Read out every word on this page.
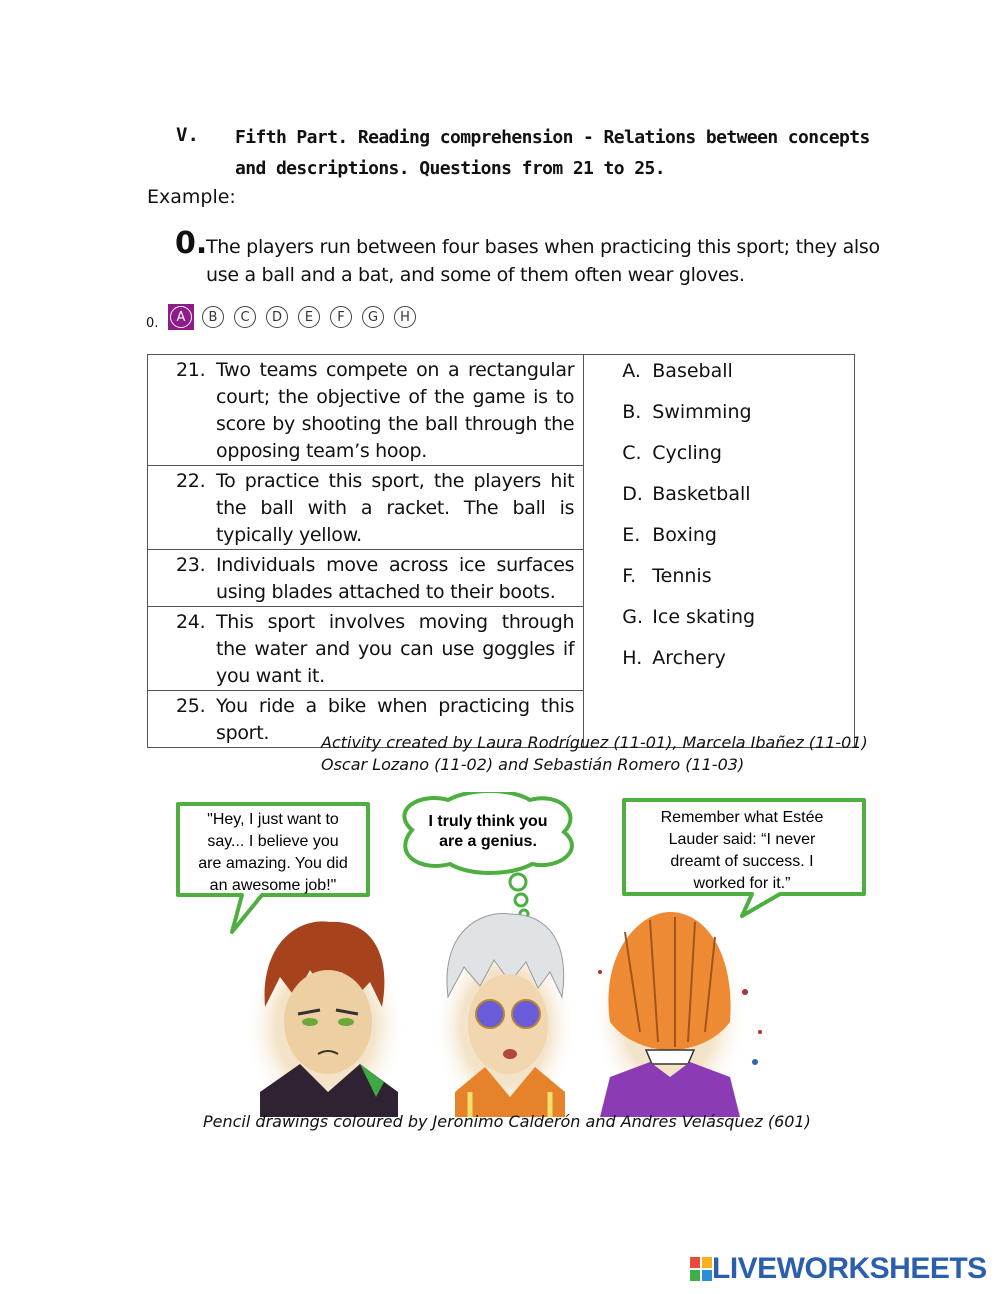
V. Fifth Part. Reading comprehension - Relations between concepts and descriptions. Questions from 21 to 25.
Example:
0.
The players run between four bases when practicing this sport; they also use a ball and a bat, and some of them often wear gloves.
0.	A	B	C	D	E	F	G	H
21. Two teams compete on a rectangular court; the objective of the game is to score by shooting the ball through the opposing team’s hoop.

A. Baseball
B. Swimming
C. Cycling
D. Basketball
E. Boxing
F. Tennis
G. Ice skating
H. Archery

22. To practice this sport, the players hit the ball with a racket. The ball is typically yellow.

23. Individuals move across ice surfaces using blades attached to their boots.

24. This sport involves moving through the water and you can use goggles if you want it.

25. You ride a bike when practicing this sport.	Activity created by Laura Rodríguez (11-01), Marcela Ibañez (11-01)
Oscar Lozano (11-02) and Sebastián Romero (11-03)
"Hey, I just want to
say... I believe you
are amazing. You did
an awesome job!"
I truly think you
are a genius.
Remember what Estée
Lauder said: “I never
dreamt of success. I
worked for it.”
Pencil drawings coloured by Jeronimo Calderón and Andres Velásquez (601)
LIVEWORKSHEETS
